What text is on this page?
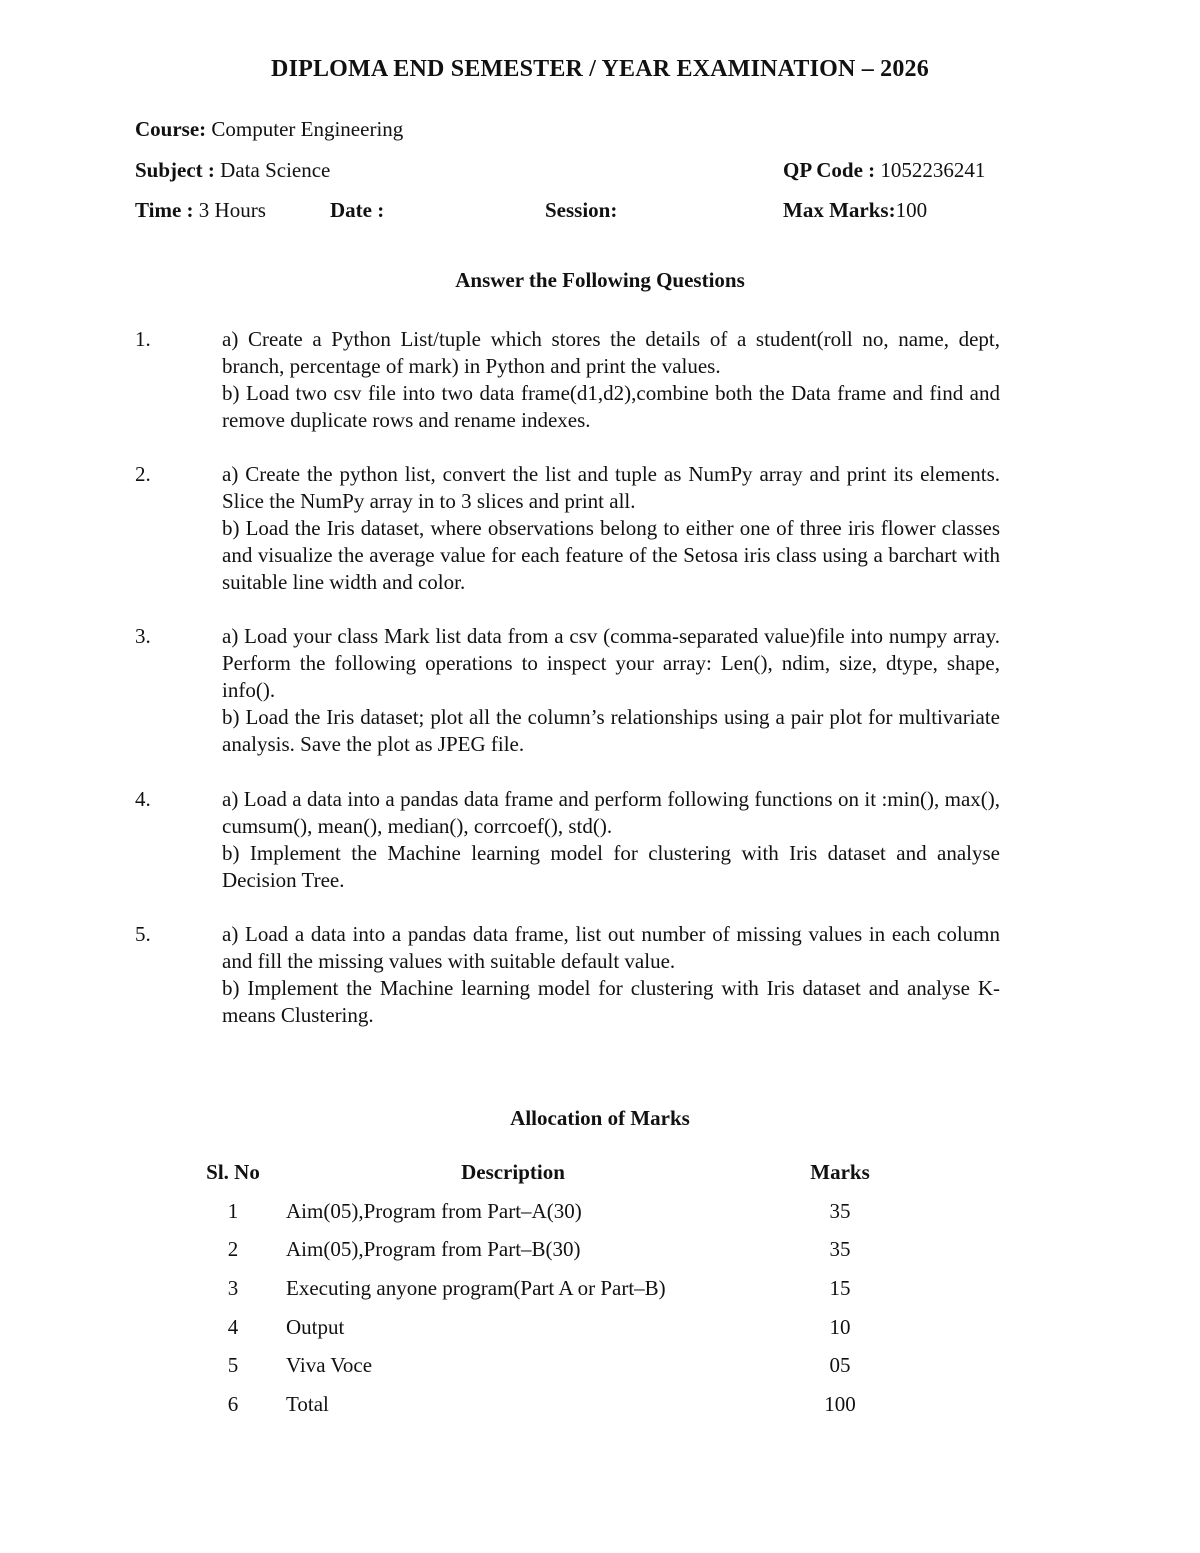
DIPLOMA END SEMESTER / YEAR EXAMINATION – 2026
Course: Computer Engineering
Subject : Data Science	QP Code : 1052236241
Time : 3 Hours	Date :	Session:	Max Marks:100
Answer the Following Questions
1.	a) Create a Python List/tuple which stores the details of a student(roll no, name, dept, branch, percentage of mark) in Python and print the values.

b) Load two csv file into two data frame(d1,d2),combine both the Data frame and find and remove duplicate rows and rename indexes.

2.	a) Create the python list, convert the list and tuple as NumPy array and print its elements. Slice the NumPy array in to 3 slices and print all.

b) Load the Iris dataset, where observations belong to either one of three iris flower classes and visualize the average value for each feature of the Setosa iris class using a barchart with suitable line width and color.

3.	a) Load your class Mark list data from a csv (comma-separated value)file into numpy array. Perform the following operations to inspect your array: Len(), ndim, size, dtype, shape, info().

b) Load the Iris dataset; plot all the column’s relationships using a pair plot for multivariate analysis. Save the plot as JPEG file.

4.	a) Load a data into a pandas data frame and perform following functions on it :min(), max(), cumsum(), mean(), median(), corrcoef(), std().

b) Implement the Machine learning model for clustering with Iris dataset and analyse Decision Tree.

5.	a) Load a data into a pandas data frame, list out number of missing values in each column and fill the missing values with suitable default value.

b) Implement the Machine learning model for clustering with Iris dataset and analyse K-means Clustering.

Allocation of Marks
Sl. No	Description	Marks
1	Aim(05),Program from Part–A(30)	35
2	Aim(05),Program from Part–B(30)	35
3	Executing anyone program(Part A or Part–B)	15
4	Output	10
5	Viva Voce	05
6	Total	100
